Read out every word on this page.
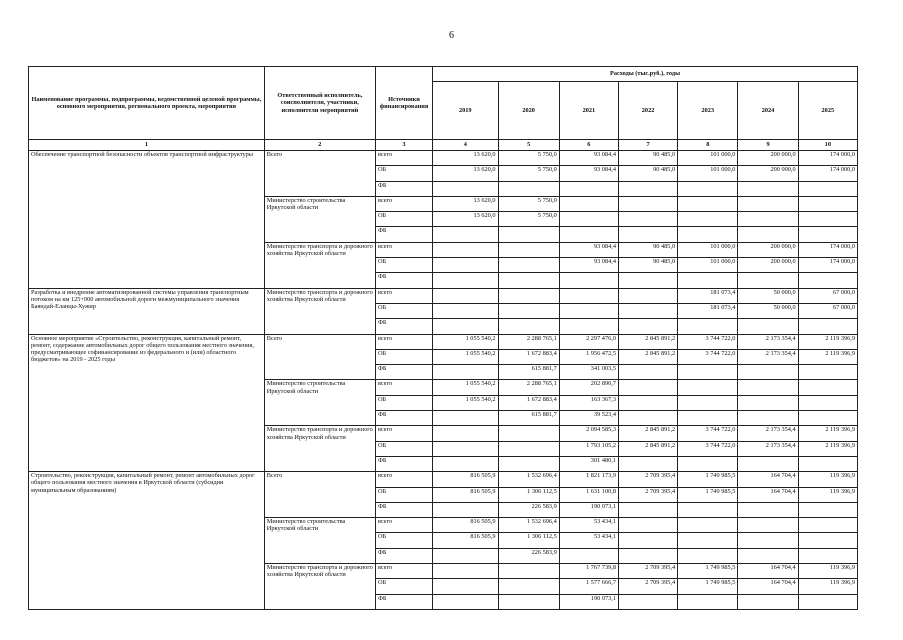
6
Наименование программы, подпрограммы, ведомственной целевой программы, основного мероприятия, регионального проекта, мероприятия	Ответственный исполнитель, соисполнители, участники, исполнители мероприятий	Источники финансирования	Расходы (тыс.руб.), годы						
			2019	2020	2021	2022	2023	2024	2025
1	2	3	4	5	6	7	8	9	10
Обеспечение транспортной безопасности объектов транспортной инфраструктуры	Всего	всего	13 620,0	5 750,0	93 084,4	90 485,0	101 000,0	200 000,0	174 000,0
		ОБ	13 620,0	5 750,0	93 084,4	90 485,0	101 000,0	200 000,0	174 000,0
		ФБ							
	Министерство строительства Иркутской области	всего	13 620,0	5 750,0					
		ОБ	13 620,0	5 750,0					
		ФБ							
	Министерство транспорта и дорожного хозяйства Иркутской области	всего			93 084,4	90 485,0	101 000,0	200 000,0	174 000,0
		ОБ			93 084,4	90 485,0	101 000,0	200 000,0	174 000,0
		ФБ							
Разработка и внедрение автоматизированной системы управления транспортным потоком на км 125+000 автомобильной дороги межмуниципального значения Баяндай-Еланцы-Хужир	Министерство транспорта и дорожного хозяйства Иркутской области	всего					181 073,4	50 000,0	67 000,0
		ОБ					181 073,4	50 000,0	67 000,0
		ФБ							
Основное мероприятие «Строительство, реконструкция, капитальный ремонт, ремонт, содержание автомобильных дорог общего пользования местного значения, предусматривающее софинансирование из федерального и (или) областного бюджетов» на 2019 - 2025 годы	Всего	всего	1 055 540,2	2 288 765,1	2 297 476,0	2 845 891,2	3 744 722,0	2 173 354,4	2 119 396,9
		ОБ	1 055 540,2	1 672 883,4	1 956 472,5	2 845 891,2	3 744 722,0	2 173 354,4	2 119 396,9
		ФБ		615 881,7	341 003,5				
	Министерство строительства Иркутской области	всего	1 055 540,2	2 288 765,1	202 890,7				
		ОБ	1 055 540,2	1 672 883,4	163 367,3				
		ФБ		615 881,7	39 523,4				
	Министерство транспорта и дорожного хозяйства Иркутской области	всего			2 094 585,3	2 845 891,2	3 744 722,0	2 173 354,4	2 119 396,9
		ОБ			1 793 105,2	2 845 891,2	3 744 722,0	2 173 354,4	2 119 396,9
		ФБ			301 480,1				
Строительство, реконструкция, капитальный ремонт, ремонт автомобильных дорог общего пользования местного значения в Иркутской области (субсидии муниципальным образованиям)	Всего	всего	816 505,9	1 532 696,4	1 821 173,9	2 709 395,4	1 749 985,5	164 704,4	119 396,9
		ОБ	816 505,9	1 306 112,5	1 631 100,8	2 709 395,4	1 749 985,5	164 704,4	119 396,9
		ФБ		226 583,9	190 073,1				
	Министерство строительства Иркутской области	всего	816 505,9	1 532 696,4	53 434,1				
		ОБ	816 505,9	1 306 112,5	53 434,1				
		ФБ		226 583,9					
	Министерство транспорта и дорожного хозяйства Иркутской области	всего			1 767 739,8	2 709 395,4	1 749 985,5	164 704,4	119 396,9
		ОБ			1 577 666,7	2 709 395,4	1 749 985,5	164 704,4	119 396,9
		ФБ			190 073,1				
